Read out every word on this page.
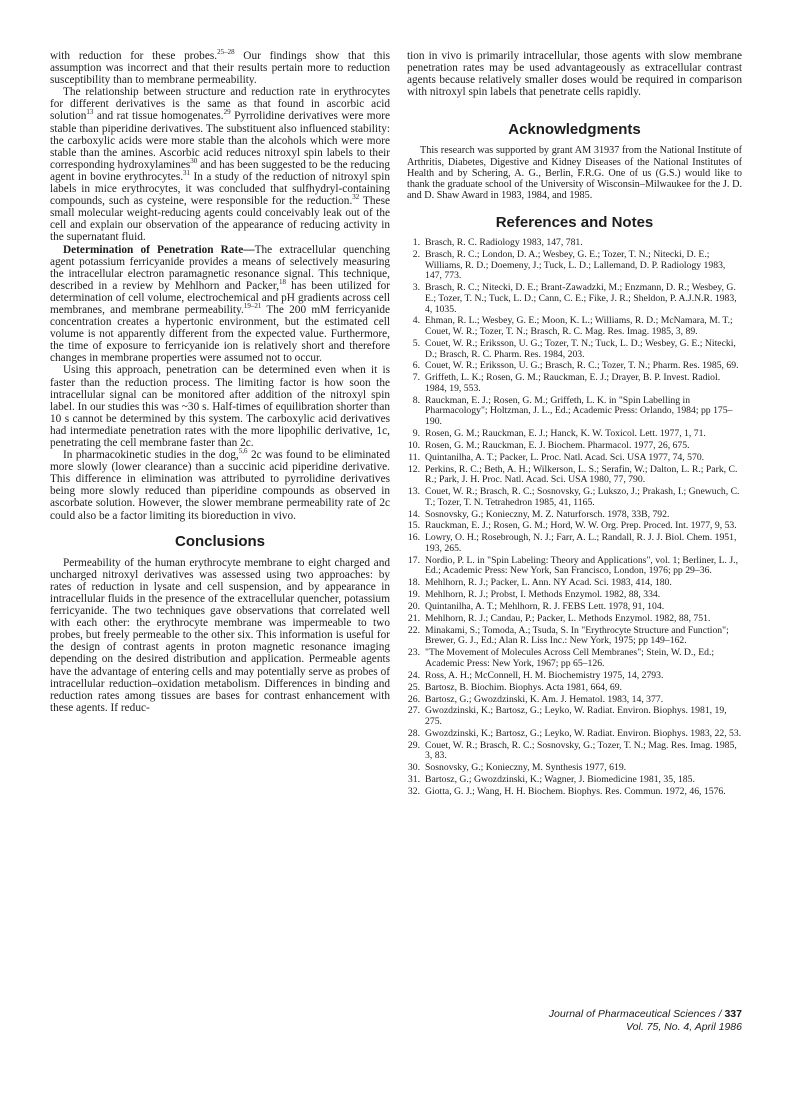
with reduction for these probes.$^{25-28}$ Our findings show that this assumption was incorrect and that their results pertain more to reduction susceptibility than to membrane permeability.

The relationship between structure and reduction rate in erythrocytes for different derivatives is the same as that found in ascorbic acid solution$^{13}$ and rat tissue homogenates.$^{29}$ Pyrrolidine derivatives were more stable than piperidine derivatives. The substituent also influenced stability: the carboxylic acids were more stable than the alcohols which were more stable than the amines. Ascorbic acid reduces nitroxyl spin labels to their corresponding hydroxylamines$^{30}$ and has been suggested to be the reducing agent in bovine erythrocytes.$^{31}$ In a study of the reduction of nitroxyl spin labels in mice erythrocytes, it was concluded that sulfhydryl-containing compounds, such as cysteine, were responsible for the reduction.$^{32}$ These small molecular weight-reducing agents could conceivably leak out of the cell and explain our observation of the appearance of reducing activity in the supernatant fluid.

Determination of Penetration Rate—The extracellular quenching agent potassium ferricyanide provides a means of selectively measuring the intracellular electron paramagnetic resonance signal. This technique, described in a review by Mehlhorn and Packer,$^{18}$ has been utilized for determination of cell volume, electrochemical and pH gradients across cell membranes, and membrane permeability.$^{19-21}$ The 200 mM ferricyanide concentration creates a hypertonic environment, but the estimated cell volume is not apparently different from the expected value. Furthermore, the time of exposure to ferricyanide ion is relatively short and therefore changes in membrane properties were assumed not to occur.

Using this approach, penetration can be determined even when it is faster than the reduction process. The limiting factor is how soon the intracellular signal can be monitored after addition of the nitroxyl spin label. In our studies this was ~30 s. Half-times of equilibration shorter than 10 s cannot be determined by this system. The carboxylic acid derivatives had intermediate penetration rates with the more lipophilic derivative, 1c, penetrating the cell membrane faster than 2c.

In pharmacokinetic studies in the dog,$^{5,6}$ 2c was found to be eliminated more slowly (lower clearance) than a succinic acid piperidine derivative. This difference in elimination was attributed to pyrrolidine derivatives being more slowly reduced than piperidine compounds as observed in ascorbate solution. However, the slower membrane permeability rate of 2c could also be a factor limiting its bioreduction in vivo.

Conclusions

Permeability of the human erythrocyte membrane to eight charged and uncharged nitroxyl derivatives was assessed using two approaches: by rates of reduction in lysate and cell suspension, and by appearance in intracellular fluids in the presence of the extracellular quencher, potassium ferricyanide. The two techniques gave observations that correlated well with each other: the erythrocyte membrane was impermeable to two probes, but freely permeable to the other six. This information is useful for the design of contrast agents in proton magnetic resonance imaging depending on the desired distribution and application. Permeable agents have the advantage of entering cells and may potentially serve as probes of intracellular reduction–oxidation metabolism. Differences in binding and reduction rates among tissues are bases for contrast enhancement with these agents. If reduc-

tion in vivo is primarily intracellular, those agents with slow membrane penetration rates may be used advantageously as extracellular contrast agents because relatively smaller doses would be required in comparison with nitroxyl spin labels that penetrate cells rapidly.

Acknowledgments

This research was supported by grant AM 31937 from the National Institute of Arthritis, Diabetes, Digestive and Kidney Diseases of the National Institutes of Health and by Schering, A. G., Berlin, F.R.G. One of us (G.S.) would like to thank the graduate school of the University of Wisconsin–Milwaukee for the J. D. and D. Shaw Award in 1983, 1984, and 1985.

References and Notes
1. Brasch, R. C. Radiology 1983, 147, 781.
2. Brasch, R. C.; London, D. A.; Wesbey, G. E.; Tozer, T. N.; Nitecki, D. E.; Williams, R. D.; Doemeny, J.; Tuck, L. D.; Lallemand, D. P. Radiology 1983, 147, 773.
3. Brasch, R. C.; Nitecki, D. E.; Brant-Zawadzki, M.; Enzmann, D. R.; Wesbey, G. E.; Tozer, T. N.; Tuck, L. D.; Cann, C. E.; Fike, J. R.; Sheldon, P. A.J.N.R. 1983, 4, 1035.
4. Ehman, R. L.; Wesbey, G. E.; Moon, K. L.; Williams, R. D.; McNamara, M. T.; Couet, W. R.; Tozer, T. N.; Brasch, R. C. Mag. Res. Imag. 1985, 3, 89.
5. Couet, W. R.; Eriksson, U. G.; Tozer, T. N.; Tuck, L. D.; Wesbey, G. E.; Nitecki, D.; Brasch, R. C. Pharm. Res. 1984, 203.
6. Couet, W. R.; Eriksson, U. G.; Brasch, R. C.; Tozer, T. N.; Pharm. Res. 1985, 69.
7. Griffeth, L. K.; Rosen, G. M.; Rauckman, E. J.; Drayer, B. P. Invest. Radiol. 1984, 19, 553.
8. Rauckman, E. J.; Rosen, G. M.; Griffeth, L. K. in "Spin Labelling in Pharmacology"; Holtzman, J. L., Ed.; Academic Press: Orlando, 1984; pp 175–190.
9. Rosen, G. M.; Rauckman, E. J.; Hanck, K. W. Toxicol. Lett. 1977, 1, 71.
10. Rosen, G. M.; Rauckman, E. J. Biochem. Pharmacol. 1977, 26, 675.
11. Quintanilha, A. T.; Packer, L. Proc. Natl. Acad. Sci. USA 1977, 74, 570.
12. Perkins, R. C.; Beth, A. H.; Wilkerson, L. S.; Serafin, W.; Dalton, L. R.; Park, C. R.; Park, J. H. Proc. Natl. Acad. Sci. USA 1980, 77, 790.
13. Couet, W. R.; Brasch, R. C.; Sosnovsky, G.; Lukszo, J.; Prakash, I.; Gnewuch, C. T.; Tozer, T. N. Tetrahedron 1985, 41, 1165.
14. Sosnovsky, G.; Konieczny, M. Z. Naturforsch. 1978, 33B, 792.
15. Rauckman, E. J.; Rosen, G. M.; Hord, W. W. Org. Prep. Proced. Int. 1977, 9, 53.
16. Lowry, O. H.; Rosebrough, N. J.; Farr, A. L.; Randall, R. J. J. Biol. Chem. 1951, 193, 265.
17. Nordio, P. L. in "Spin Labeling: Theory and Applications", vol. 1; Berliner, L. J., Ed.; Academic Press: New York, San Francisco, London, 1976; pp 29–36.
18. Mehlhorn, R. J.; Packer, L. Ann. NY Acad. Sci. 1983, 414, 180.
19. Mehlhorn, R. J.; Probst, I. Methods Enzymol. 1982, 88, 334.
20. Quintanilha, A. T.; Mehlhorn, R. J. FEBS Lett. 1978, 91, 104.
21. Mehlhorn, R. J.; Candau, P.; Packer, L. Methods Enzymol. 1982, 88, 751.
22. Minakami, S.; Tomoda, A.; Tsuda, S. In "Erythrocyte Structure and Function"; Brewer, G. J., Ed.; Alan R. Liss Inc.: New York, 1975; pp 149–162.
23. "The Movement of Molecules Across Cell Membranes"; Stein, W. D., Ed.; Academic Press: New York, 1967; pp 65–126.
24. Ross, A. H.; McConnell, H. M. Biochemistry 1975, 14, 2793.
25. Bartosz, B. Biochim. Biophys. Acta 1981, 664, 69.
26. Bartosz, G.; Gwozdzinski, K. Am. J. Hematol. 1983, 14, 377.
27. Gwozdzinski, K.; Bartosz, G.; Leyko, W. Radiat. Environ. Biophys. 1981, 19, 275.
28. Gwozdzinski, K.; Bartosz, G.; Leyko, W. Radiat. Environ. Biophys. 1983, 22, 53.
29. Couet, W. R.; Brasch, R. C.; Sosnovsky, G.; Tozer, T. N.; Mag. Res. Imag. 1985, 3, 83.
30. Sosnovsky, G.; Konieczny, M. Synthesis 1977, 619.
31. Bartosz, G.; Gwozdzinski, K.; Wagner, J. Biomedicine 1981, 35, 185.
32. Giotta, G. J.; Wang, H. H. Biochem. Biophys. Res. Commun. 1972, 46, 1576.
Journal of Pharmaceutical Sciences / 337
Vol. 75, No. 4, April 1986
